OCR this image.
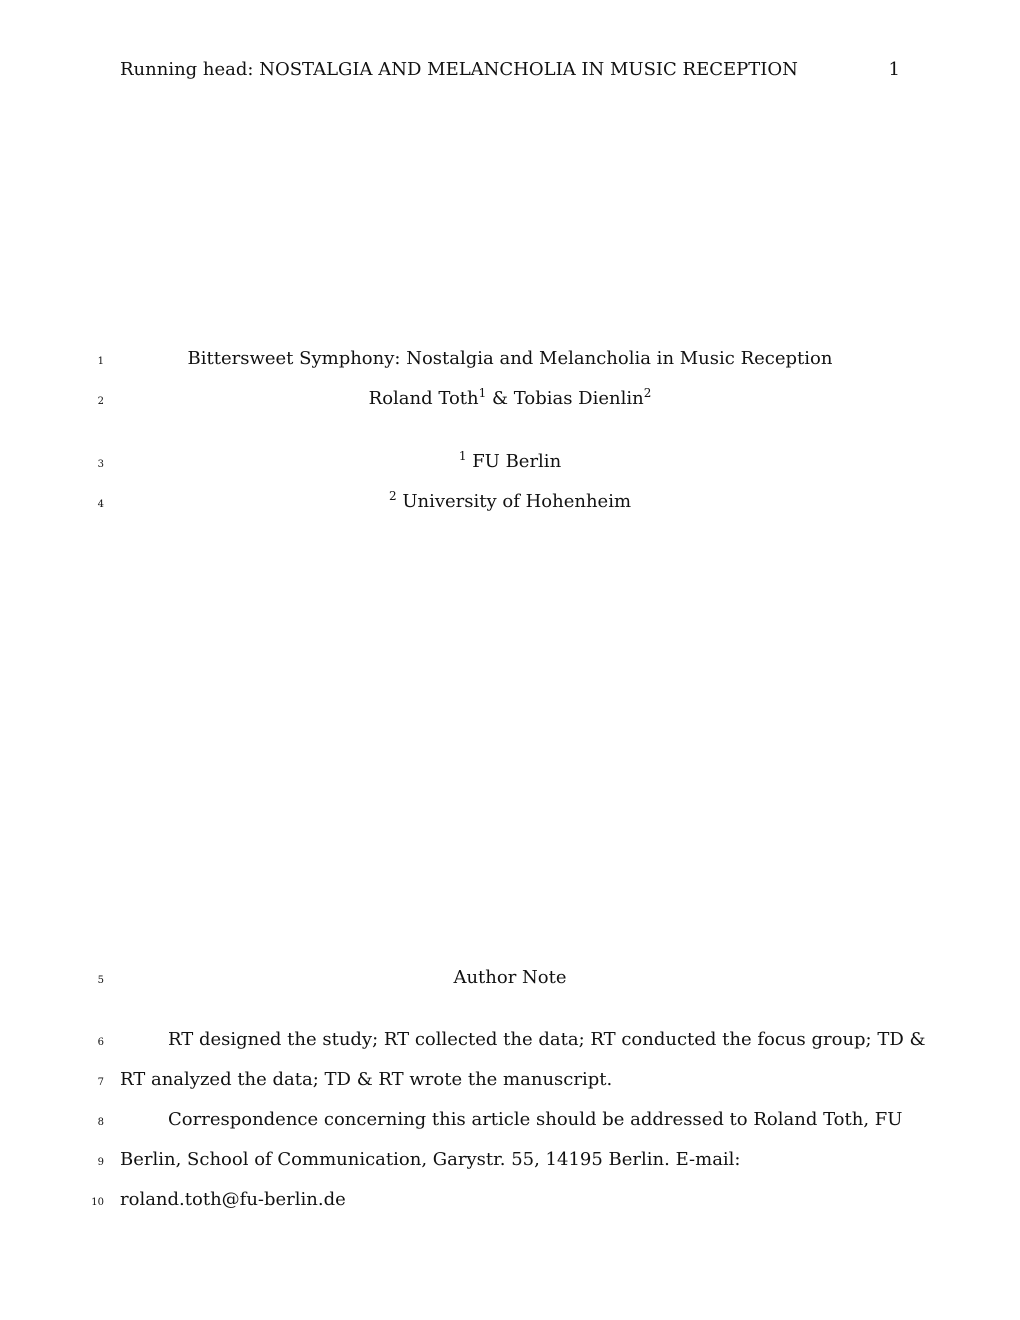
Running head: NOSTALGIA AND MELANCHOLIA IN MUSIC RECEPTION	1
1	Bittersweet Symphony: Nostalgia and Melancholia in Music Reception
2	Roland Toth$^1$ & Tobias Dienlin$^2$
3
$^1$ FU Berlin
4
$^2$ University of Hohenheim
5	Author Note
6	RT designed the study; RT collected the data; RT conducted the focus group; TD &
7 RT analyzed the data; TD & RT wrote the manuscript.
8	Correspondence concerning this article should be addressed to Roland Toth, FU
9 Berlin, School of Communication, Garystr. 55, 14195 Berlin. E-mail:
10 roland.toth@fu-berlin.de
